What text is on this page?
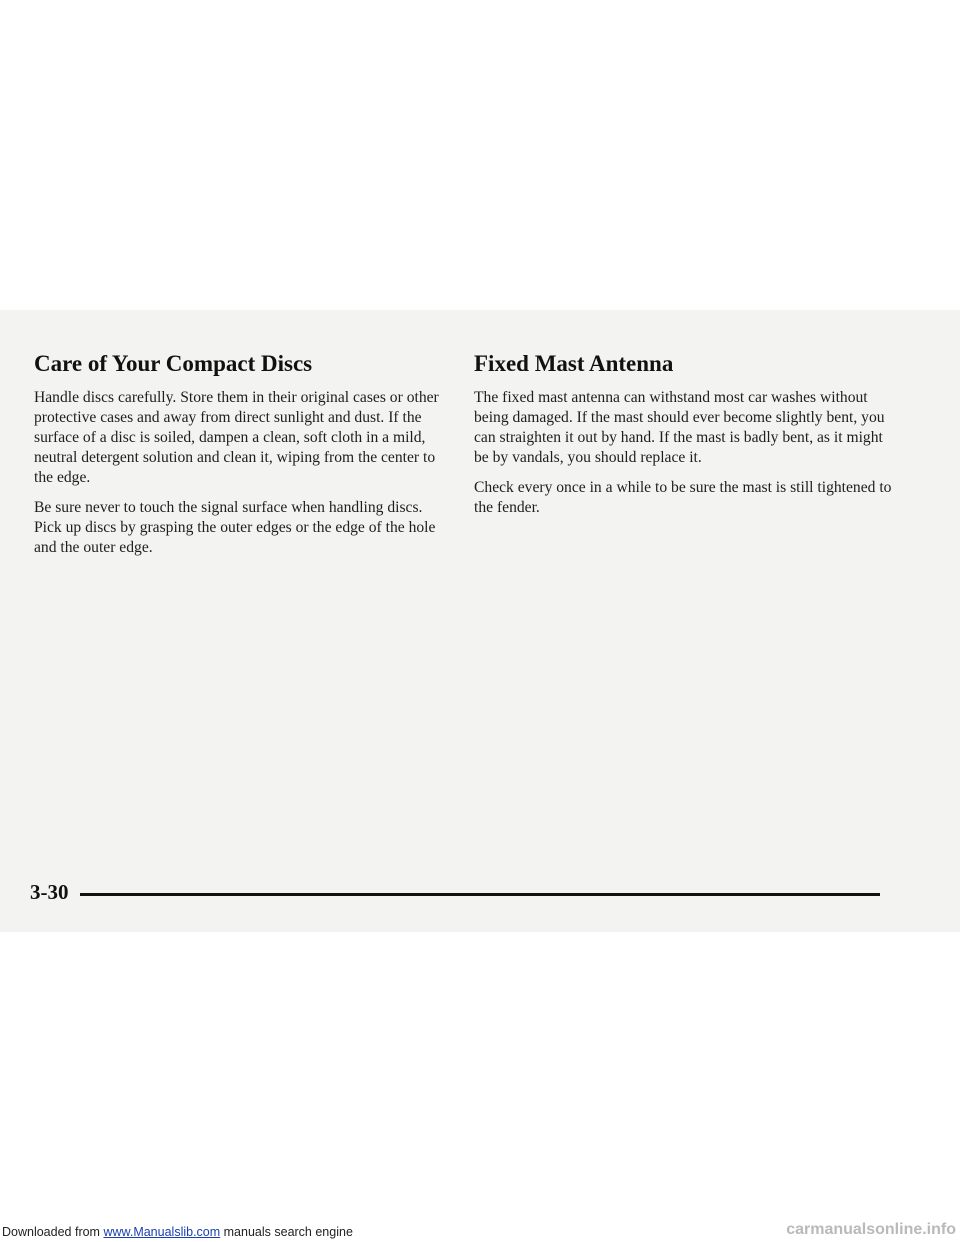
Care of Your Compact Discs

Handle discs carefully. Store them in their original cases or other protective cases and away from direct sunlight and dust. If the surface of a disc is soiled, dampen a clean, soft cloth in a mild, neutral detergent solution and clean it, wiping from the center to the edge.

Be sure never to touch the signal surface when handling discs. Pick up discs by grasping the outer edges or the edge of the hole and the outer edge.

Fixed Mast Antenna

The fixed mast antenna can withstand most car washes without being damaged. If the mast should ever become slightly bent, you can straighten it out by hand. If the mast is badly bent, as it might be by vandals, you should replace it.

Check every once in a while to be sure the mast is still tightened to the fender.

3-30
Downloaded from www.Manualslib.com manuals search engine	carmanualsonline.info
